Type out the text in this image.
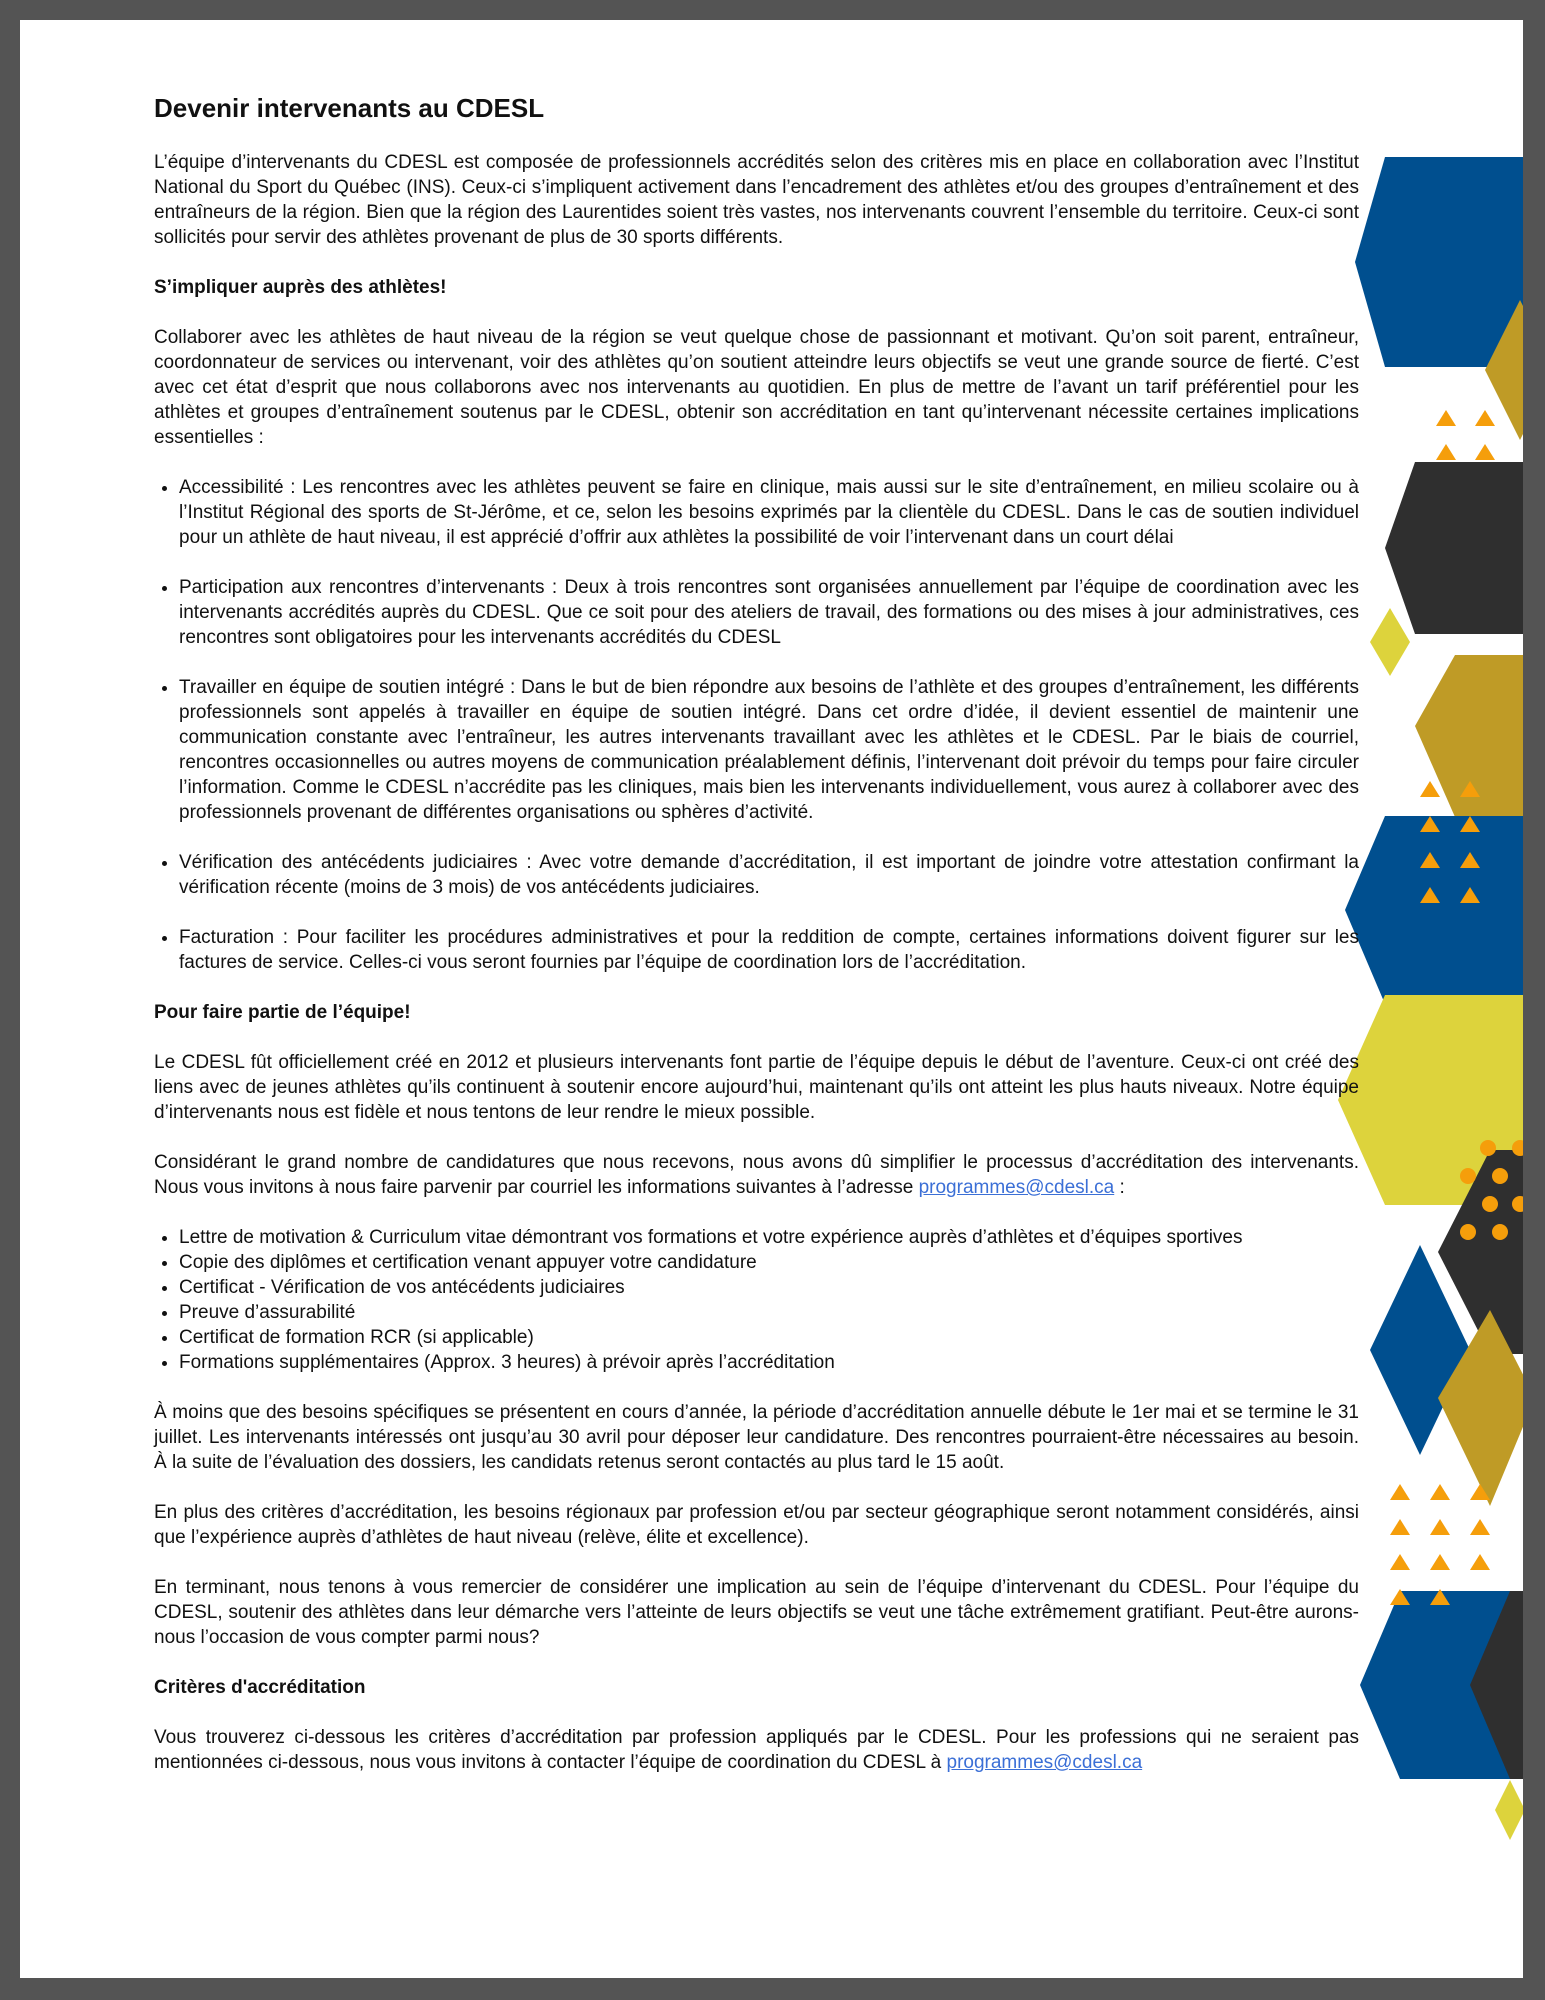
Devenir intervenants au CDESL

L’équipe d’intervenants du CDESL est composée de professionnels accrédités selon des critères mis en place en collaboration avec l’Institut National du Sport du Québec (INS). Ceux-ci s’impliquent activement dans l’encadrement des athlètes et/ou des groupes d’entraînement et des entraîneurs de la région. Bien que la région des Laurentides soient très vastes, nos intervenants couvrent l’ensemble du territoire. Ceux-ci sont sollicités pour servir des athlètes provenant de plus de 30 sports différents.

S’impliquer auprès des athlètes!

Collaborer avec les athlètes de haut niveau de la région se veut quelque chose de passionnant et motivant. Qu’on soit parent, entraîneur, coordonnateur de services ou intervenant, voir des athlètes qu’on soutient atteindre leurs objectifs se veut une grande source de fierté. C’est avec cet état d’esprit que nous collaborons avec nos intervenants au quotidien. En plus de mettre de l’avant un tarif préférentiel pour les athlètes et groupes d’entraînement soutenus par le CDESL, obtenir son accréditation en tant qu’intervenant nécessite certaines implications essentielles :

• Accessibilité : Les rencontres avec les athlètes peuvent se faire en clinique, mais aussi sur le site d’entraînement, en milieu scolaire ou à l’Institut Régional des sports de St-Jérôme, et ce, selon les besoins exprimés par la clientèle du CDESL. Dans le cas de soutien individuel pour un athlète de haut niveau, il est apprécié d’offrir aux athlètes la possibilité de voir l’intervenant dans un court délai
• Participation aux rencontres d’intervenants : Deux à trois rencontres sont organisées annuellement par l’équipe de coordination avec les intervenants accrédités auprès du CDESL. Que ce soit pour des ateliers de travail, des formations ou des mises à jour administratives, ces rencontres sont obligatoires pour les intervenants accrédités du CDESL
• Travailler en équipe de soutien intégré : Dans le but de bien répondre aux besoins de l’athlète et des groupes d’entraînement, les différents professionnels sont appelés à travailler en équipe de soutien intégré. Dans cet ordre d’idée, il devient essentiel de maintenir une communication constante avec l’entraîneur, les autres intervenants travaillant avec les athlètes et le CDESL. Par le biais de courriel, rencontres occasionnelles ou autres moyens de communication préalablement définis, l’intervenant doit prévoir du temps pour faire circuler l’information. Comme le CDESL n’accrédite pas les cliniques, mais bien les intervenants individuellement, vous aurez à collaborer avec des professionnels provenant de différentes organisations ou sphères d’activité.
• Vérification des antécédents judiciaires : Avec votre demande d’accréditation, il est important de joindre votre attestation confirmant la vérification récente (moins de 3 mois) de vos antécédents judiciaires.
• Facturation : Pour faciliter les procédures administratives et pour la reddition de compte, certaines informations doivent figurer sur les factures de service. Celles-ci vous seront fournies par l’équipe de coordination lors de l’accréditation.
Pour faire partie de l’équipe!

Le CDESL fût officiellement créé en 2012 et plusieurs intervenants font partie de l’équipe depuis le début de l’aventure. Ceux-ci ont créé des liens avec de jeunes athlètes qu’ils continuent à soutenir encore aujourd’hui, maintenant qu’ils ont atteint les plus hauts niveaux. Notre équipe d’intervenants nous est fidèle et nous tentons de leur rendre le mieux possible.

Considérant le grand nombre de candidatures que nous recevons, nous avons dû simplifier le processus d’accréditation des intervenants. Nous vous invitons à nous faire parvenir par courriel les informations suivantes à l’adresse programmes@cdesl.ca :

• Lettre de motivation & Curriculum vitae démontrant vos formations et votre expérience auprès d’athlètes et d’équipes sportives
• Copie des diplômes et certification venant appuyer votre candidature
• Certificat - Vérification de vos antécédents judiciaires
• Preuve d’assurabilité
• Certificat de formation RCR (si applicable)
• Formations supplémentaires (Approx. 3 heures) à prévoir après l’accréditation

À moins que des besoins spécifiques se présentent en cours d’année, la période d’accréditation annuelle débute le 1er mai et se termine le 31 juillet. Les intervenants intéressés ont jusqu’au 30 avril pour déposer leur candidature. Des rencontres pourraient-être nécessaires au besoin. À la suite de l’évaluation des dossiers, les candidats retenus seront contactés au plus tard le 15 août.

En plus des critères d’accréditation, les besoins régionaux par profession et/ou par secteur géographique seront notamment considérés, ainsi que l’expérience auprès d’athlètes de haut niveau (relève, élite et excellence).

En terminant, nous tenons à vous remercier de considérer une implication au sein de l’équipe d’intervenant du CDESL. Pour l’équipe du CDESL, soutenir des athlètes dans leur démarche vers l’atteinte de leurs objectifs se veut une tâche extrêmement gratifiant. Peut-être aurons-nous l’occasion de vous compter parmi nous?

Critères d'accréditation

Vous trouverez ci-dessous les critères d’accréditation par profession appliqués par le CDESL. Pour les professions qui ne seraient pas mentionnées ci-dessous, nous vous invitons à contacter l’équipe de coordination du CDESL à programmes@cdesl.ca
